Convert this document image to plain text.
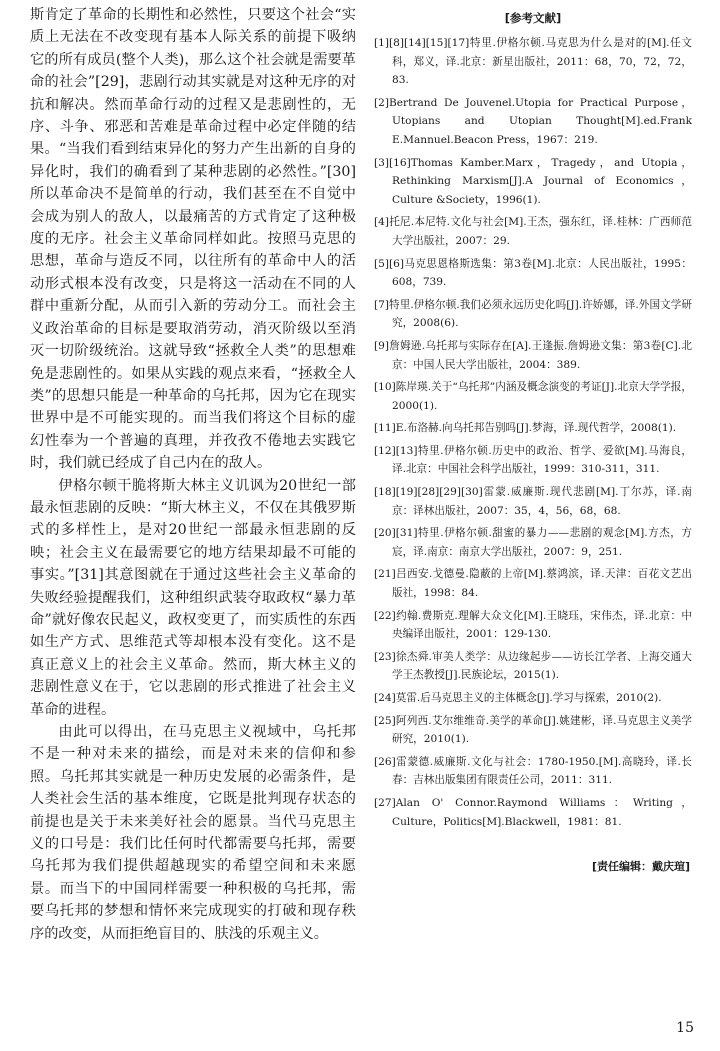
斯肯定了革命的长期性和必然性，只要这个社会“实质上无法在不改变现有基本人际关系的前提下吸纳它的所有成员(整个人类)，那么这个社会就是需要革命的社会”[29]，悲剧行动其实就是对这种无序的对抗和解决。然而革命行动的过程又是悲剧性的，无序、斗争、邪恶和苦难是革命过程中必定伴随的结果。“当我们看到结束异化的努力产生出新的自身的异化时，我们的确看到了某种悲剧的必然性。”[30]所以革命决不是简单的行动，我们甚至在不自觉中会成为别人的敌人，以最痛苦的方式肯定了这种极度的无序。社会主义革命同样如此。按照马克思的思想，革命与造反不同，以往所有的革命中人的活动形式根本没有改变，只是将这一活动在不同的人群中重新分配，从而引入新的劳动分工。而社会主义政治革命的目标是要取消劳动，消灭阶级以至消灭一切阶级统治。这就导致“拯救全人类”的思想难免是悲剧性的。如果从实践的观点来看，“拯救全人类”的思想只能是一种革命的乌托邦，因为它在现实世界中是不可能实现的。而当我们将这个目标的虚幻性奉为一个普遍的真理，并孜孜不倦地去实践它时，我们就已经成了自己内在的敌人。

伊格尔顿干脆将斯大林主义讥讽为20世纪一部最永恒悲剧的反映：“斯大林主义，不仅在其俄罗斯式的多样性上，是对20世纪一部最永恒悲剧的反映；社会主义在最需要它的地方结果却最不可能的事实。”[31]其意图就在于通过这些社会主义革命的失败经验提醒我们，这种组织武装夺取政权“暴力革命”就好像农民起义，政权变更了，而实质性的东西如生产方式、思维范式等却根本没有变化。这不是真正意义上的社会主义革命。然而，斯大林主义的悲剧性意义在于，它以悲剧的形式推进了社会主义革命的进程。

由此可以得出，在马克思主义视域中，乌托邦不是一种对未来的描绘，而是对未来的信仰和参照。乌托邦其实就是一种历史发展的必需条件，是人类社会生活的基本维度，它既是批判现存状态的前提也是关于未来美好社会的愿景。当代马克思主义的口号是：我们比任何时代都需要乌托邦，需要乌托邦为我们提供超越现实的希望空间和未来愿景。而当下的中国同样需要一种积极的乌托邦，需要乌托邦的梦想和情怀来完成现实的打破和现存秩序的改变，从而拒绝盲目的、肤浅的乐观主义。

[参考文献]
[1][8][14][15][17]特里.伊格尔顿.马克思为什么是对的[M].任文科，郑义，译.北京：新星出版社，2011：68，70，72，72，83.
[2]Bertrand De Jouvenel.Utopia for Practical Purpose，Utopians and Utopian Thought[M].ed.Frank E.Mannuel.Beacon Press，1967：219.
[3][16]Thomas Kamber.Marx，Tragedy，and Utopia，Rethinking Marxism[J].A Journal of Economics，Culture &Society，1996(1).
[4]托尼.本尼特.文化与社会[M].王杰，强东红，译.桂林：广西师范大学出版社，2007：29.
[5][6]马克思恩格斯选集：第3卷[M].北京：人民出版社，1995：608，739.
[7]特里.伊格尔顿.我们必须永远历史化吗[J].许娇娜，译.外国文学研究，2008(6).
[9]詹姆逊.乌托邦与实际存在[A].王逢振.詹姆逊文集：第3卷[C].北京：中国人民大学出版社，2004：389.
[10]陈岸瑛.关于“乌托邦”内涵及概念演变的考证[J].北京大学学报，2000(1).
[11]E.布洛赫.向乌托邦告别吗[J].梦海，译.现代哲学，2008(1).
[12][13]特里.伊格尔顿.历史中的政治、哲学、爱欲[M].马海良，译.北京：中国社会科学出版社，1999：310-311，311.
[18][19][28][29][30]雷蒙.威廉斯.现代悲剧[M].丁尔苏，译.南京：译林出版社，2007：35，4，56，68，68.
[20][31]特里.伊格尔顿.甜蜜的暴力——悲剧的观念[M].方杰，方宸，译.南京：南京大学出版社，2007：9，251.
[21]吕西安.戈德曼.隐蔽的上帝[M].蔡鸿滨，译.天津：百花文艺出版社，1998：84.
[22]约翰.费斯克.理解大众文化[M].王晓珏，宋伟杰，译.北京：中央编译出版社，2001：129-130.
[23]徐杰舜.审美人类学：从边缘起步——访长江学者、上海交通大学王杰教授[J].民族论坛，2015(1).
[24]莫雷.后马克思主义的主体概念[J].学习与探索，2010(2).
[25]阿列西.艾尔维维奇.美学的革命[J].姚建彬，译.马克思主义美学研究，2010(1).
[26]雷蒙德.威廉斯.文化与社会：1780-1950.[M].高晓玲，译.长春：吉林出版集团有限责任公司，2011：311.
[27]Alan O' Connor.Raymond Williams：Writing，Culture，Politics[M].Blackwell，1981：81.
[责任编辑：戴庆瑄]
15
